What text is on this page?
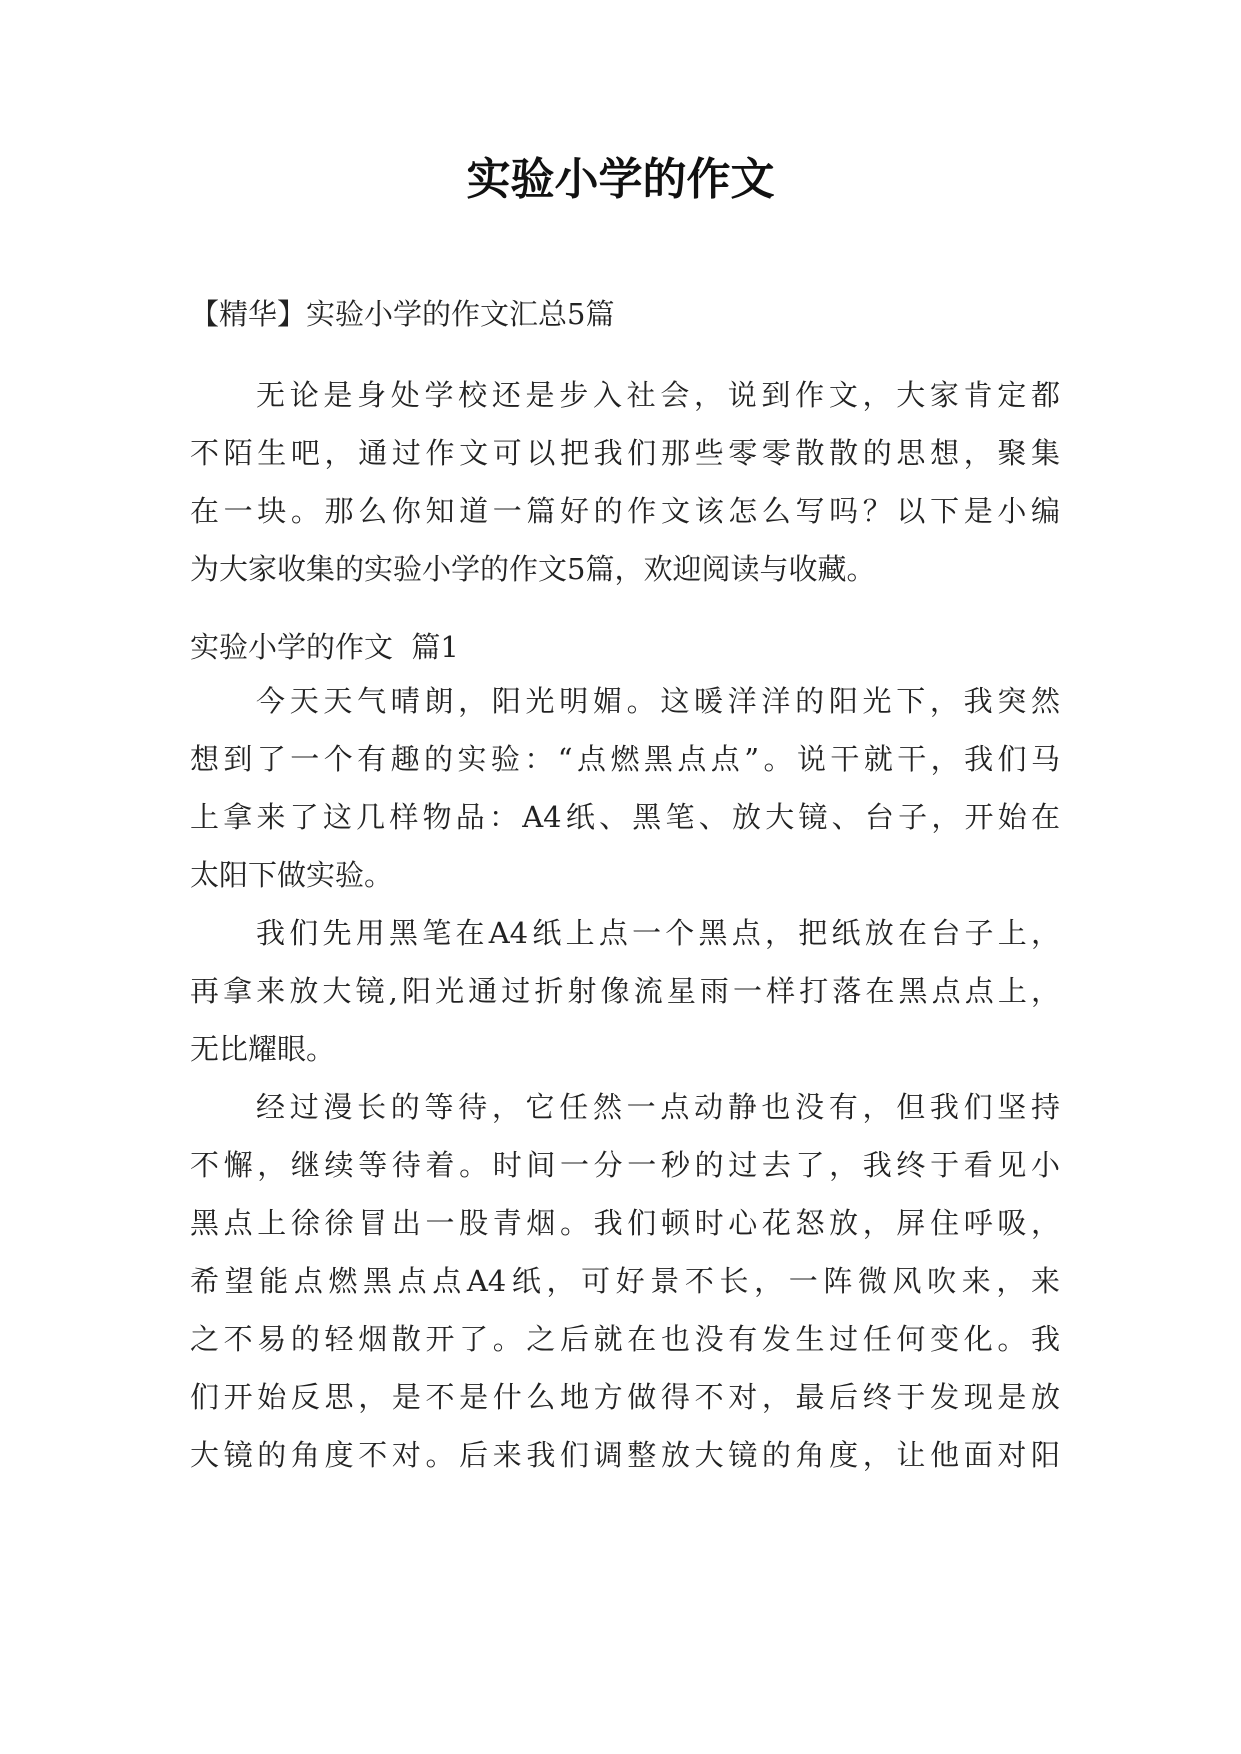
实验小学的作文
【精华】实验小学的作文汇总5篇
无论是身处学校还是步入社会，说到作文，大家肯定都
不陌生吧，通过作文可以把我们那些零零散散的思想，聚集
在一块。那么你知道一篇好的作文该怎么写吗？以下是小编
为大家收集的实验小学的作文5篇，欢迎阅读与收藏。
实验小学的作文  篇1
今天天气晴朗，阳光明媚。这暖洋洋的阳光下，我突然
想到了一个有趣的实验：“点燃黑点点”。说干就干，我们马
上拿来了这几样物品：A4纸、黑笔、放大镜、台子，开始在
太阳下做实验。
我们先用黑笔在A4纸上点一个黑点，把纸放在台子上，
再拿来放大镜,阳光通过折射像流星雨一样打落在黑点点上，
无比耀眼。
经过漫长的等待，它任然一点动静也没有，但我们坚持
不懈，继续等待着。时间一分一秒的过去了，我终于看见小
黑点上徐徐冒出一股青烟。我们顿时心花怒放，屏住呼吸，
希望能点燃黑点点A4纸，可好景不长，一阵微风吹来，来
之不易的轻烟散开了。之后就在也没有发生过任何变化。我
们开始反思，是不是什么地方做得不对，最后终于发现是放
大镜的角度不对。后来我们调整放大镜的角度，让他面对阳
